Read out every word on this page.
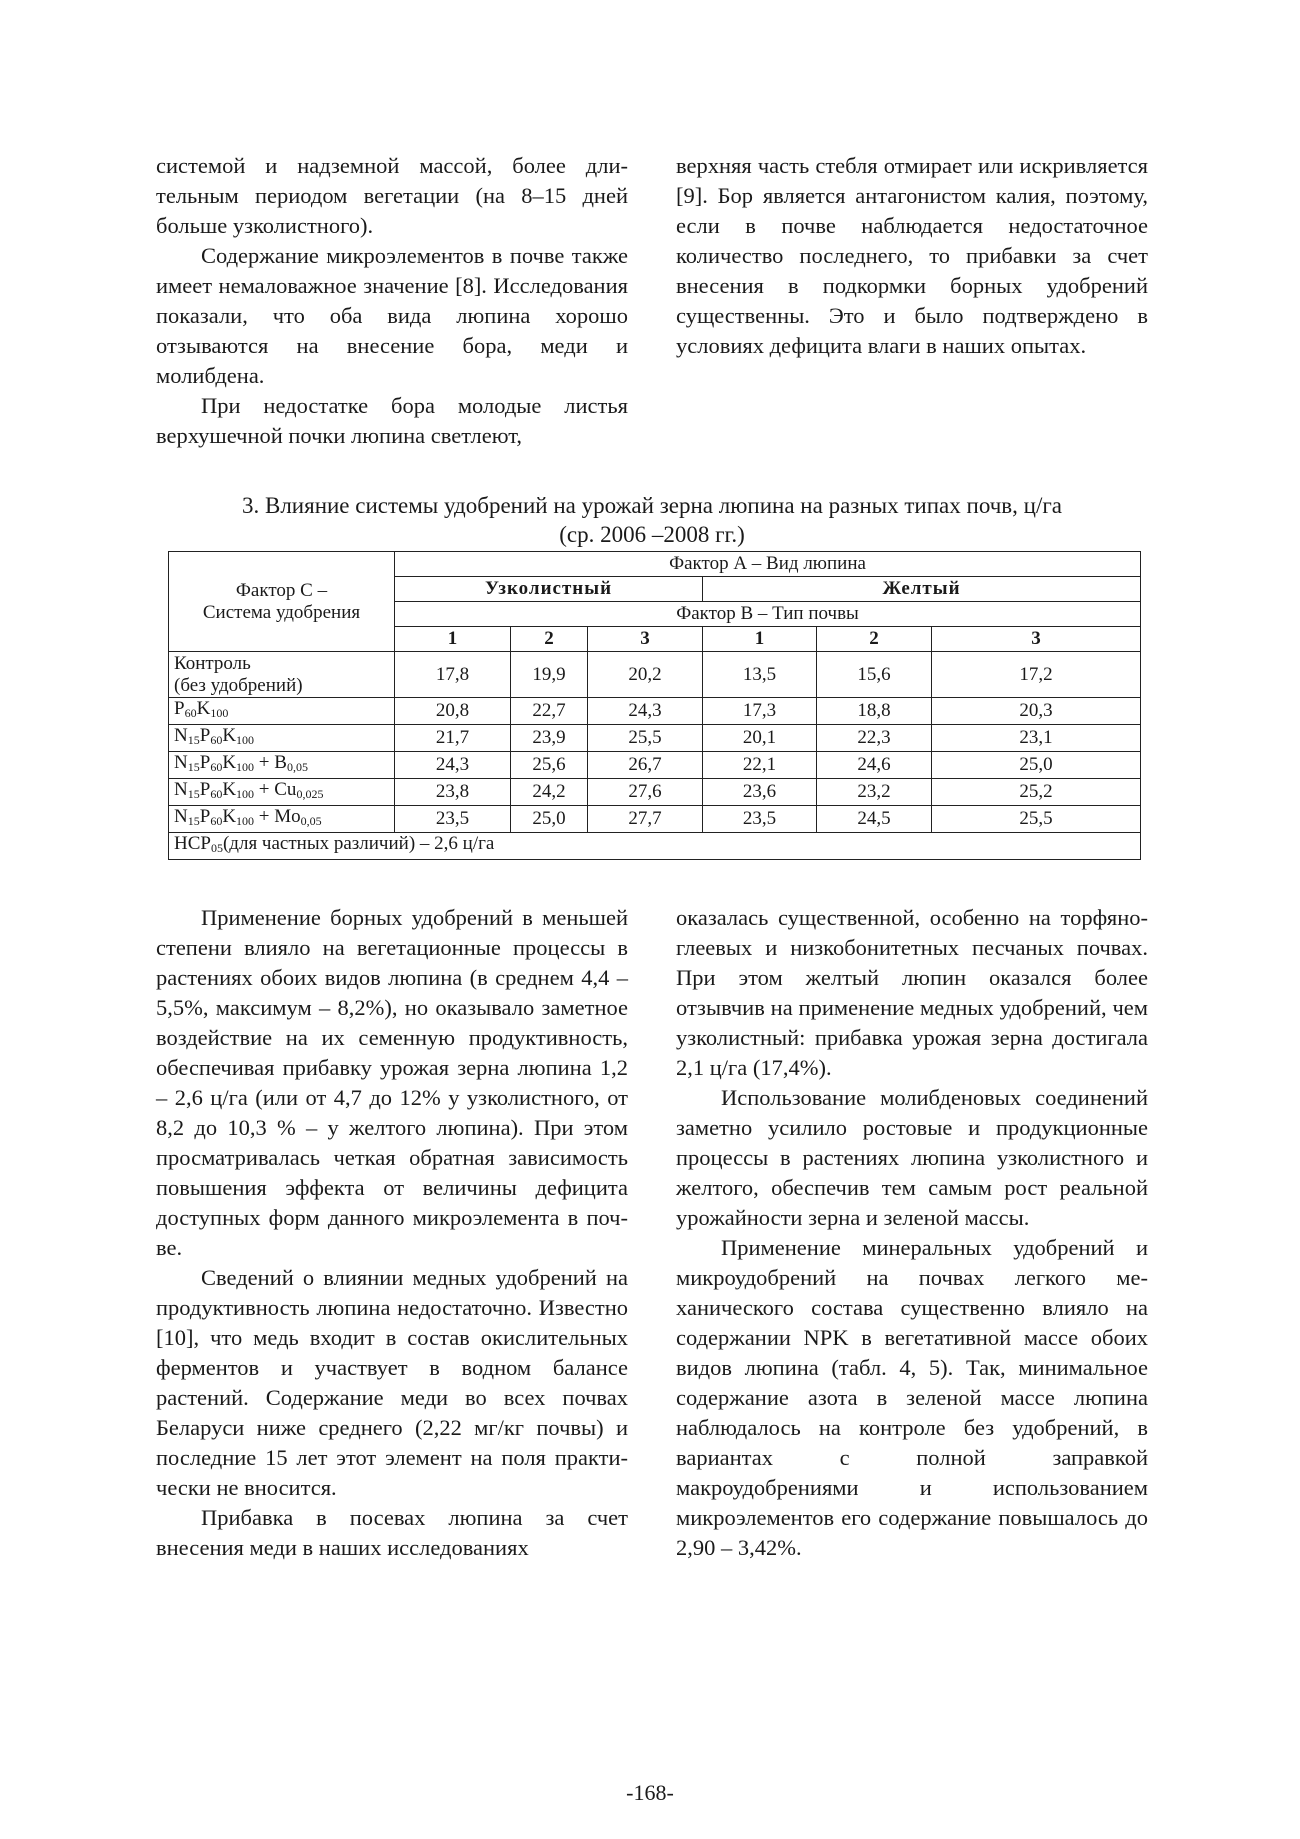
системой и надземной массой, более длительным периодом вегетации (на 8–15 дней больше узколистного).

Содержание микроэлементов в почве также имеет немаловажное значение [8]. Исследования показали, что оба вида люпина хорошо отзываются на внесение бора, меди и молибдена.

При недостатке бора молодые листья верхушечной почки люпина светлеют,

верхняя часть стебля отмирает или искривляется [9]. Бор является антагонистом калия, поэтому, если в почве наблюдается недостаточное количество последнего, то прибавки за счет внесения в подкормки борных удобрений существенны. Это и было подтверждено в условиях дефицита влаги в наших опытах.

3. Влияние системы удобрений на урожай зерна люпина на разных типах почв, ц/га
(ср. 2006 –2008 гг.)
Фактор С –
Система удобрения	Фактор А – Вид люпина					
	Узколистный			Желтый		
	Фактор В – Тип почвы					
	1	2	3	1	2	3

Контроль
(без удобрений)	17,8	19,9	20,2	13,5	15,6	17,2
$P_{60}K_{100}$	20,8	22,7	24,3	17,3	18,8	20,3
$N_{15}P_{60}K_{100}$	21,7	23,9	25,5	20,1	22,3	23,1
$N_{15}P_{60}K_{100} + B_{0,05}$	24,3	25,6	26,7	22,1	24,6	25,0
$N_{15}P_{60}K_{100} + Cu_{0,025}$	23,8	24,2	27,6	23,6	23,2	25,2
$N_{15}P_{60}K_{100} + Mo_{0,05}$	23,5	25,0	27,7	23,5	24,5	25,5
$НСР_{05}(для$ частных различий) – 2,6 ц/га						

Применение борных удобрений в меньшей степени влияло на вегетационные процессы в растениях обоих видов люпина (в среднем 4,4 – 5,5%, максимум – 8,2%), но оказывало заметное воздействие на их семенную продуктивность, обеспечивая прибавку урожая зерна люпина 1,2 – 2,6 ц/га (или от 4,7 до 12% у узколистного, от 8,2 до 10,3 % – у желтого люпина). При этом просматривалась четкая обратная зависимость повышения эффекта от величины дефицита доступных форм данного микроэлемента в почве.

Сведений о влиянии медных удобрений на продуктивность люпина недостаточно. Известно [10], что медь входит в состав окислительных ферментов и участвует в водном балансе растений. Содержание меди во всех почвах Беларуси ниже среднего (2,22 мг/кг почвы) и последние 15 лет этот элемент на поля практически не вносится.

Прибавка в посевах люпина за счет внесения меди в наших исследованиях

оказалась существенной, особенно на торфяно-глеевых и низкобонитетных песчаных почвах. При этом желтый люпин оказался более отзывчив на применение медных удобрений, чем узколистный: прибавка урожая зерна достигала 2,1 ц/га (17,4%).

Использование молибденовых соединений заметно усилило ростовые и продукционные процессы в растениях люпина узколистного и желтого, обеспечив тем самым рост реальной урожайности зерна и зеленой массы.

Применение минеральных удобрений и микроудобрений на почвах легкого механического состава существенно влияло на содержании NPK в вегетативной массе обоих видов люпина (табл. 4, 5). Так, минимальное содержание азота в зеленой массе люпина наблюдалось на контроле без удобрений, в вариантах с полной заправкой макроудобрениями и использованием микроэлементов его содержание повышалось до 2,90 – 3,42%.

-168-
